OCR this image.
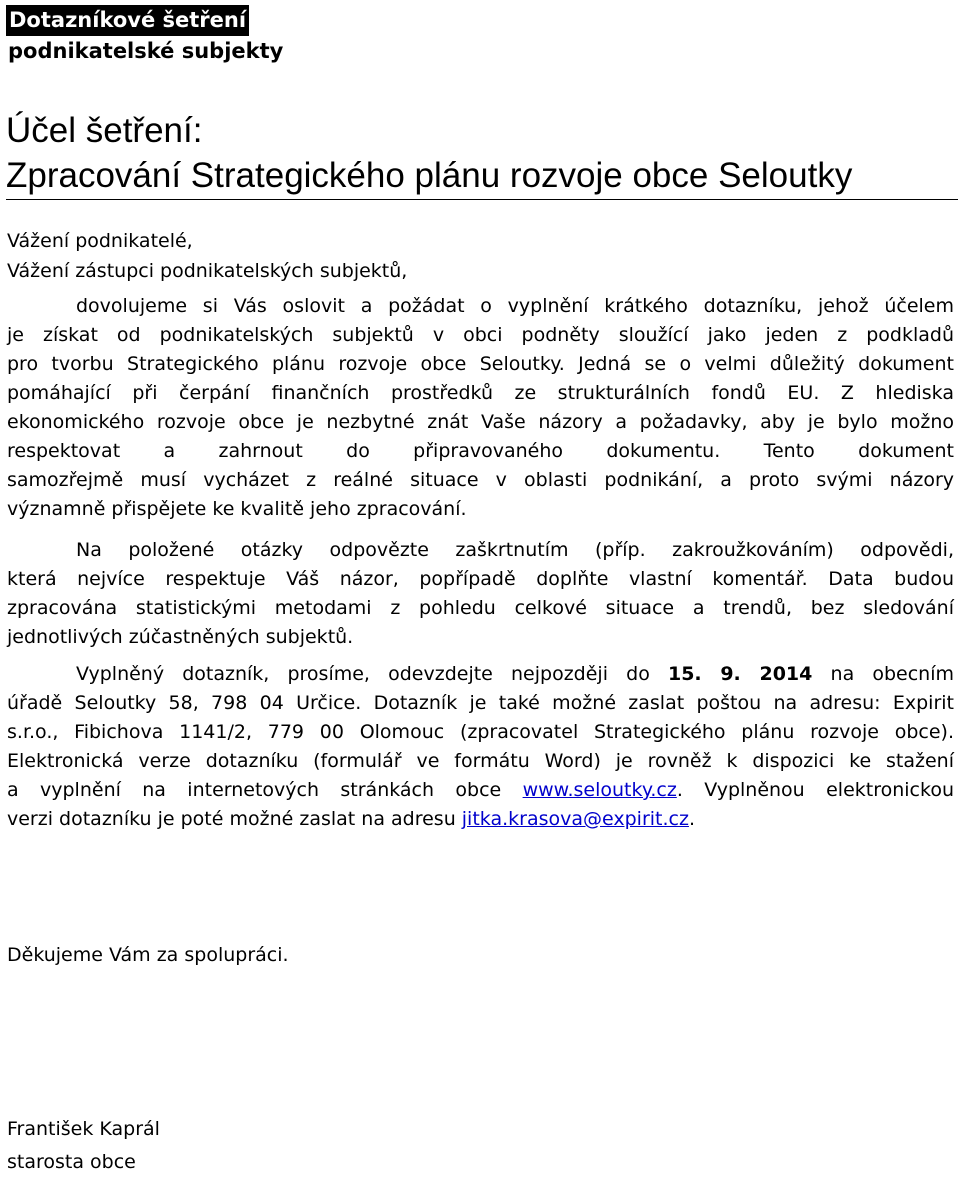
Dotazníkové šetření
podnikatelské subjekty
Účel šetření:
Zpracování Strategického plánu rozvoje obce Seloutky
Vážení podnikatelé,
Vážení zástupci podnikatelských subjektů,
dovolujeme si Vás oslovit a požádat o vyplnění krátkého dotazníku, jehož účelem
je získat od podnikatelských subjektů v obci podněty sloužící jako jeden z podkladů
pro tvorbu Strategického plánu rozvoje obce Seloutky. Jedná se o velmi důležitý dokument
pomáhající při čerpání finančních prostředků ze strukturálních fondů EU. Z hlediska
ekonomického rozvoje obce je nezbytné znát Vaše názory a požadavky, aby je bylo možno
respektovat a zahrnout do připravovaného dokumentu. Tento dokument
samozřejmě musí vycházet z reálné situace v oblasti podnikání, a proto svými názory
významně přispějete ke kvalitě jeho zpracování.
Na položené otázky odpovězte zaškrtnutím (příp. zakroužkováním) odpovědi,
která nejvíce respektuje Váš názor, popřípadě doplňte vlastní komentář. Data budou
zpracována statistickými metodami z pohledu celkové situace a trendů, bez sledování
jednotlivých zúčastněných subjektů.
Vyplněný dotazník, prosíme, odevzdejte nejpozději do 15. 9. 2014 na obecním
úřadě Seloutky 58, 798 04 Určice. Dotazník je také možné zaslat poštou na adresu: Expirit
s.r.o., Fibichova 1141/2, 779 00 Olomouc (zpracovatel Strategického plánu rozvoje obce).
Elektronická verze dotazníku (formulář ve formátu Word) je rovněž k dispozici ke stažení
a vyplnění na internetových stránkách obce www.seloutky.cz. Vyplněnou elektronickou
verzi dotazníku je poté možné zaslat na adresu jitka.krasova@expirit.cz.
Děkujeme Vám za spolupráci.
František Kaprál
starosta obce
